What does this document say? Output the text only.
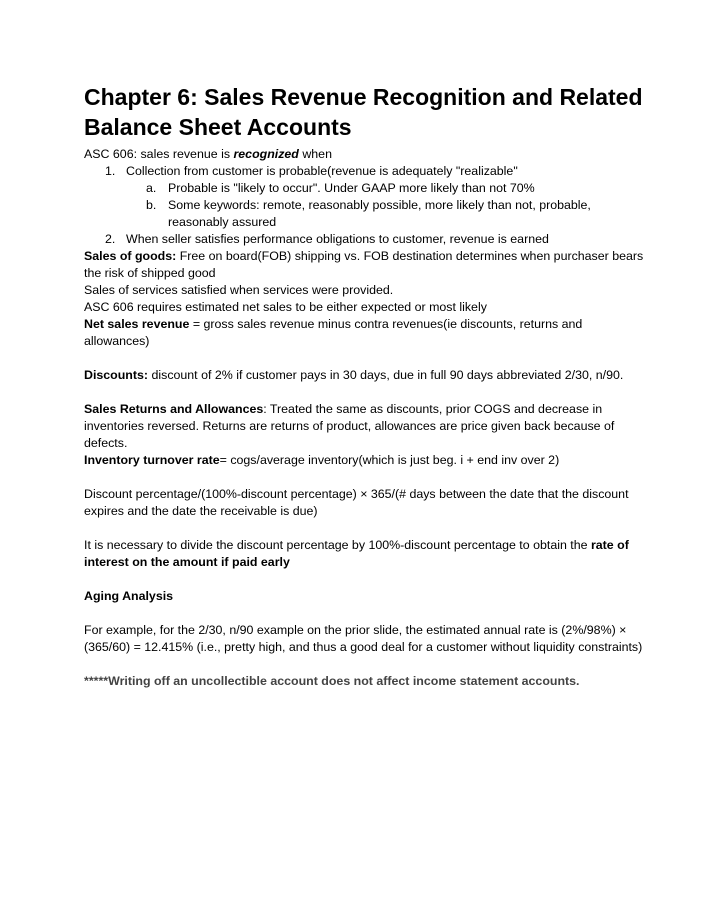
Chapter 6: Sales Revenue Recognition and Related Balance Sheet Accounts

ASC 606: sales revenue is recognized when

1. Collection from customer is probable(revenue is adequately "realizable"
a. Probable is "likely to occur". Under GAAP more likely than not 70%
b. Some keywords: remote, reasonably possible, more likely than not, probable, reasonably assured
2. When seller satisfies performance obligations to customer, revenue is earned

Sales of goods: Free on board(FOB) shipping vs. FOB destination determines when purchaser bears the risk of shipped good

Sales of services satisfied when services were provided.

ASC 606 requires estimated net sales to be either expected or most likely

Net sales revenue = gross sales revenue minus contra revenues(ie discounts, returns and allowances)

Discounts: discount of 2% if customer pays in 30 days, due in full 90 days abbreviated 2/30, n/90.

Sales Returns and Allowances: Treated the same as discounts, prior COGS and decrease in inventories reversed. Returns are returns of product, allowances are price given back because of defects.

Inventory turnover rate= cogs/average inventory(which is just beg. i + end inv over 2)

Discount percentage/(100%-discount percentage) × 365/(# days between the date that the discount expires and the date the receivable is due)

It is necessary to divide the discount percentage by 100%-discount percentage to obtain the rate of interest on the amount if paid early

Aging Analysis

For example, for the 2/30, n/90 example on the prior slide, the estimated annual rate is (2%/98%) × (365/60) = 12.415% (i.e., pretty high, and thus a good deal for a customer without liquidity constraints)

*****Writing off an uncollectible account does not affect income statement accounts.
